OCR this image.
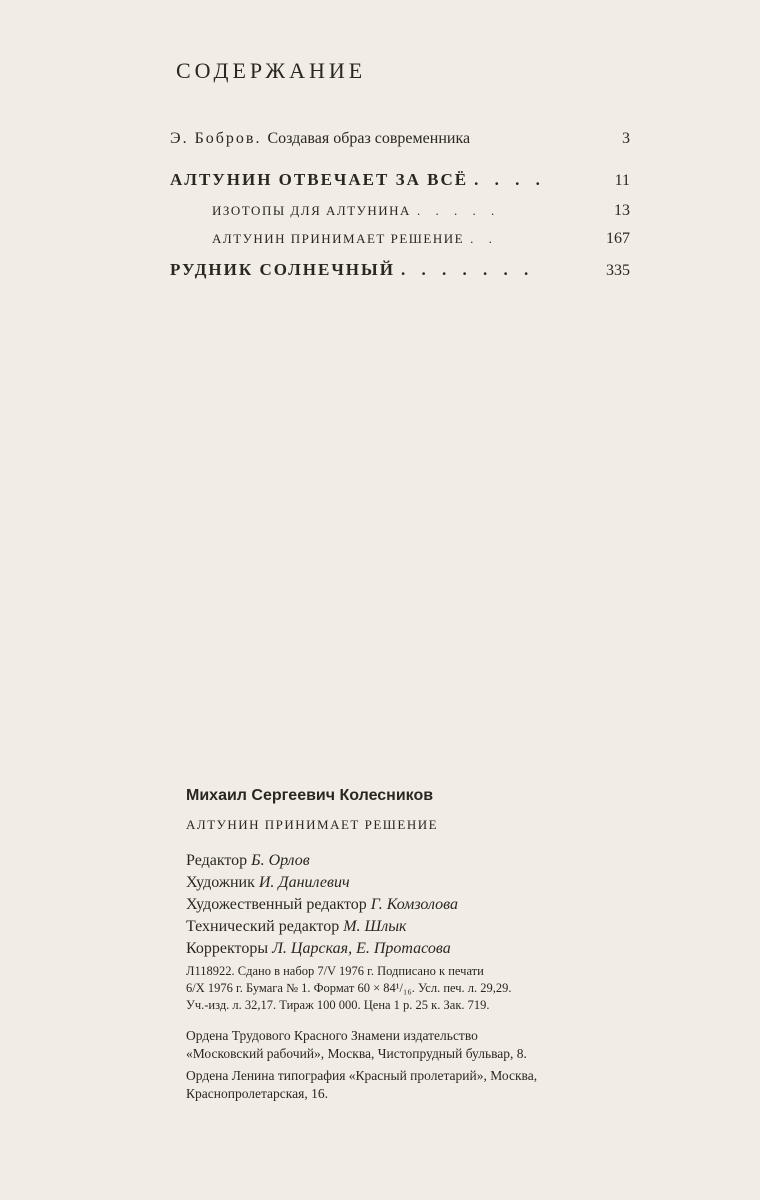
СОДЕРЖАНИЕ
Э. Бобров. Создавая образ современника	3
АЛТУНИН ОТВЕЧАЕТ ЗА ВСЁ . . . .	11
ИЗОТОПЫ ДЛЯ АЛТУНИНА . . . . .	13
АЛТУНИН ПРИНИМАЕТ РЕШЕНИЕ . .	167
РУДНИК СОЛНЕЧНЫЙ . . . . . . .	335
Михаил Сергеевич Колесников
АЛТУНИН ПРИНИМАЕТ РЕШЕНИЕ
Редактор Б. Орлов
Художник И. Данилевич
Художественный редактор Г. Комзолова
Технический редактор М. Шлык
Корректоры Л. Царская, Е. Протасова
Л118922. Сдано в набор 7/V 1976 г. Подписано к печати
6/X 1976 г. Бумага № 1. Формат 60 × 84¹/₁₆. Усл. печ. л. 29,29.
Уч.-изд. л. 32,17. Тираж 100 000. Цена 1 р. 25 к. Зак. 719.
Ордена Трудового Красного Знамени издательство
«Московский рабочий», Москва, Чистопрудный бульвар, 8.
Ордена Ленина типография «Красный пролетарий», Москва,
Краснопролетарская, 16.
